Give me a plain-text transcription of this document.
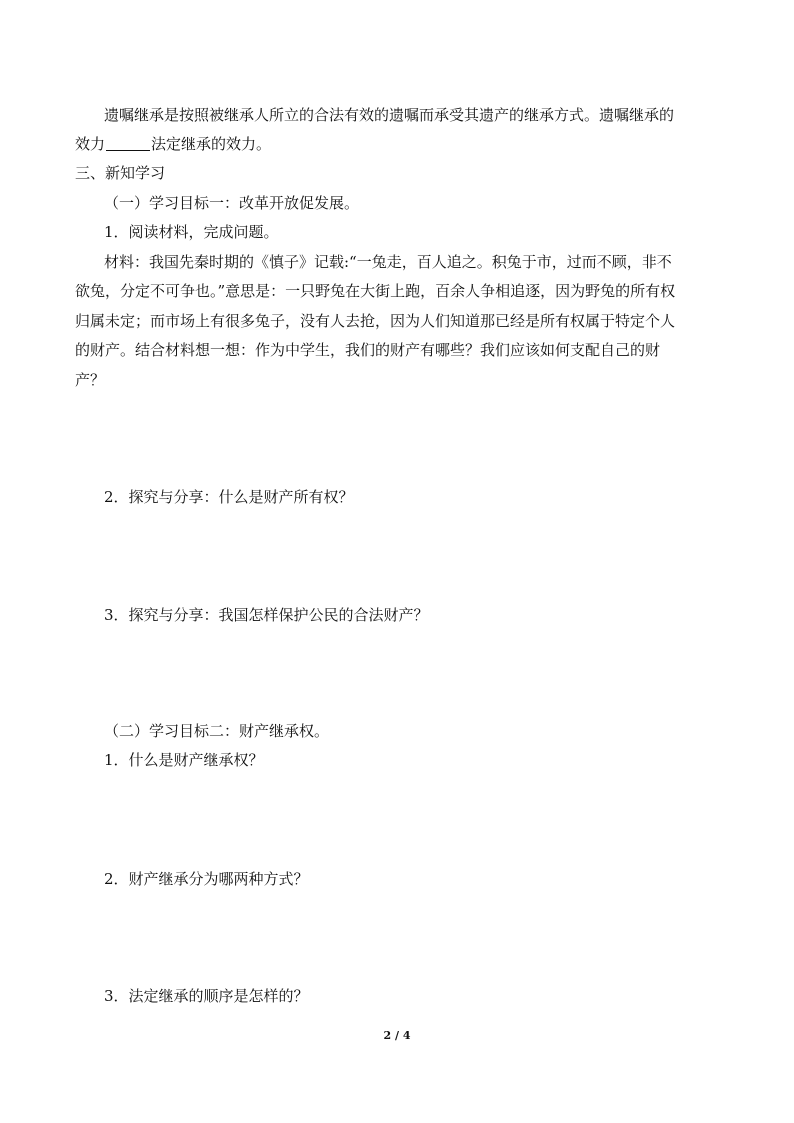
遗嘱继承是按照被继承人所立的合法有效的遗嘱而承受其遗产的继承方式。遗嘱继承的
效力	法定继承的效力。
三、新知学习
（一）学习目标一：改革开放促发展。
1．阅读材料，完成问题。
材料：我国先秦时期的《慎子》记载:“一兔走，百人追之。积兔于市，过而不顾，非不
欲兔，分定不可争也。”意思是：一只野兔在大街上跑，百余人争相追逐，因为野兔的所有权
归属未定；而市场上有很多兔子，没有人去抢，因为人们知道那已经是所有权属于特定个人
的财产。结合材料想一想：作为中学生，我们的财产有哪些？我们应该如何支配自己的财
产？
2．探究与分享：什么是财产所有权？
3．探究与分享：我国怎样保护公民的合法财产？
（二）学习目标二：财产继承权。
1．什么是财产继承权？
2．财产继承分为哪两种方式？
3．法定继承的顺序是怎样的？
2 / 4
